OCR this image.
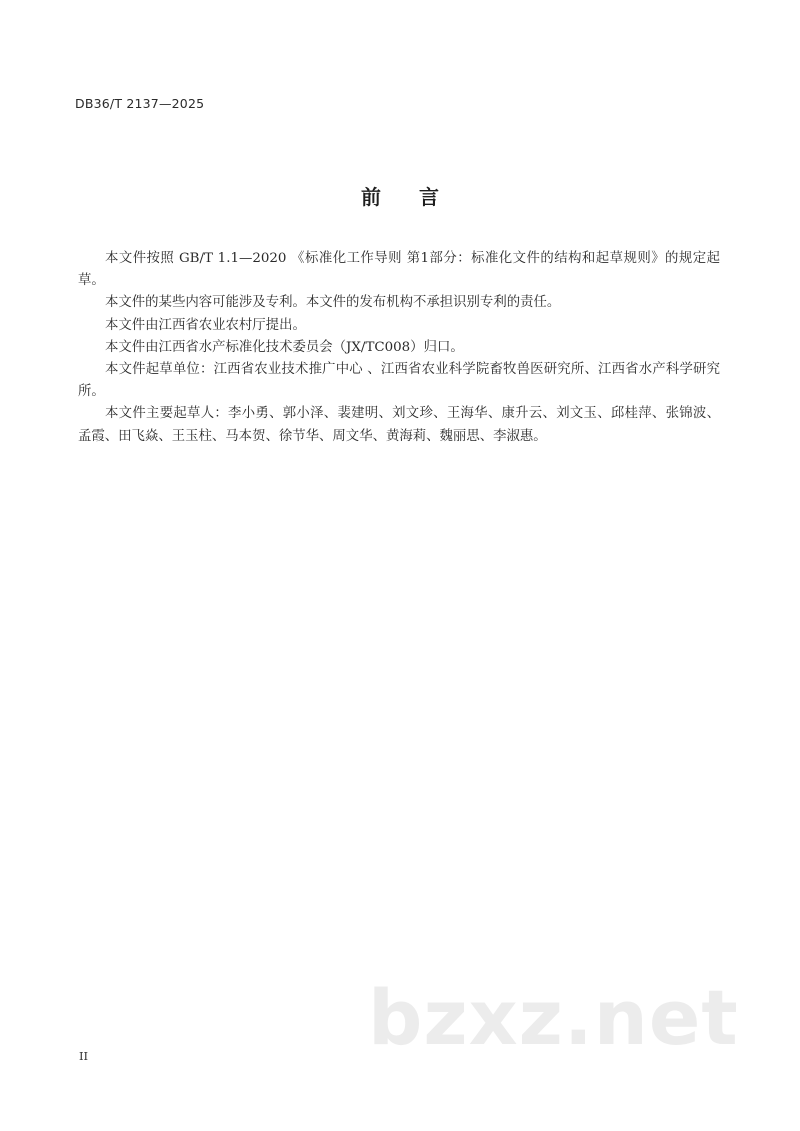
DB36/T 2137—2025
前言

本文件按照 GB/T 1.1—2020 《标准化工作导则 第1部分：标准化文件的结构和起草规则》的规定起草。

本文件的某些内容可能涉及专利。本文件的发布机构不承担识别专利的责任。

本文件由江西省农业农村厅提出。

本文件由江西省水产标准化技术委员会（JX/TC008）归口。

本文件起草单位：江西省农业技术推广中心 、江西省农业科学院畜牧兽医研究所、江西省水产科学研究所。

本文件主要起草人：李小勇、郭小泽、裴建明、刘文珍、王海华、康升云、刘文玉、邱桂萍、张锦波、孟霞、田飞焱、王玉柱、马本贺、徐节华、周文华、黄海莉、魏丽思、李淑惠。

bzxz.net
II
